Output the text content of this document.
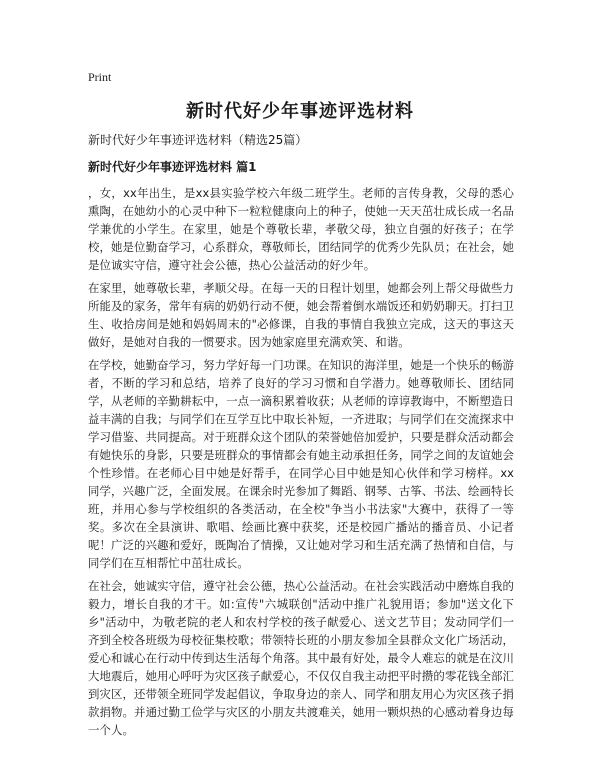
Print
新时代好少年事迹评选材料

新时代好少年事迹评选材料（精选25篇）

新时代好少年事迹评选材料 篇1

，女，xx年出生，是xx县实验学校六年级二班学生。老师的言传身教，父母的悉心熏陶，在她幼小的心灵中种下一粒粒健康向上的种子，使她一天天茁壮成长成一名品学兼优的小学生。在家里，她是个尊敬长辈，孝敬父母，独立自强的好孩子；在学校，她是位勤奋学习，心系群众，尊敬师长，团结同学的优秀少先队员；在社会，她是位诚实守信，遵守社会公德，热心公益活动的好少年。

在家里，她尊敬长辈，孝顺父母。在每一天的日程计划里，她都会列上帮父母做些力所能及的家务，常年有病的奶奶行动不便，她会帮着倒水端饭还和奶奶聊天。打扫卫生、收拾房间是她和妈妈周末的"必修课，自我的事情自我独立完成，这天的事这天做好，是她对自我的一惯要求。因为她家庭里充满欢笑、和谐。

在学校，她勤奋学习，努力学好每一门功课。在知识的海洋里，她是一个快乐的畅游者，不断的学习和总结，培养了良好的学习习惯和自学潜力。她尊敬师长、团结同学，从老师的辛勤耕耘中，一点一滴积累着收获；从老师的谆谆教诲中，不断塑造日益丰满的自我；与同学们在互学互比中取长补短，一齐进取；与同学们在交流探求中学习借鉴、共同提高。对于班群众这个团队的荣誉她倍加爱护，只要是群众活动都会有她快乐的身影，只要是班群众的事情都会有她主动承担任务，同学之间的友谊她会个性珍惜。在老师心目中她是好帮手，在同学心目中她是知心伙伴和学习榜样。xx同学，兴趣广泛，全面发展。在课余时光参加了舞蹈、钢琴、古筝、书法、绘画特长班，并用心参与学校组织的各类活动，在全校"争当小书法家"大赛中，获得了一等奖。多次在全县演讲、歌唱、绘画比赛中获奖，还是校园广播站的播音员、小记者呢！广泛的兴趣和爱好，既陶冶了情操，又让她对学习和生活充满了热情和自信，与同学们在互相帮忙中茁壮成长。

在社会，她诚实守信，遵守社会公德，热心公益活动。在社会实践活动中磨炼自我的毅力，增长自我的才干。如:宣传"六城联创"活动中推广礼貌用语；参加"送文化下乡"活动中，为敬老院的老人和农村学校的孩子献爱心、送文艺节目；发动同学们一齐到全校各班级为母校征集校歌；带领特长班的小朋友参加全县群众文化广场活动，爱心和诚心在行动中传到达生活每个角落。其中最有好处，最令人难忘的就是在汶川大地震后，她用心呼吁为灾区孩子献爱心，不仅仅自我主动把平时攒的零花钱全部汇到灾区，还带领全班同学发起倡议，争取身边的亲人、同学和朋友用心为灾区孩子捐款捐物。并通过勤工俭学与灾区的小朋友共渡难关，她用一颗炽热的心感动着身边每一个人。
